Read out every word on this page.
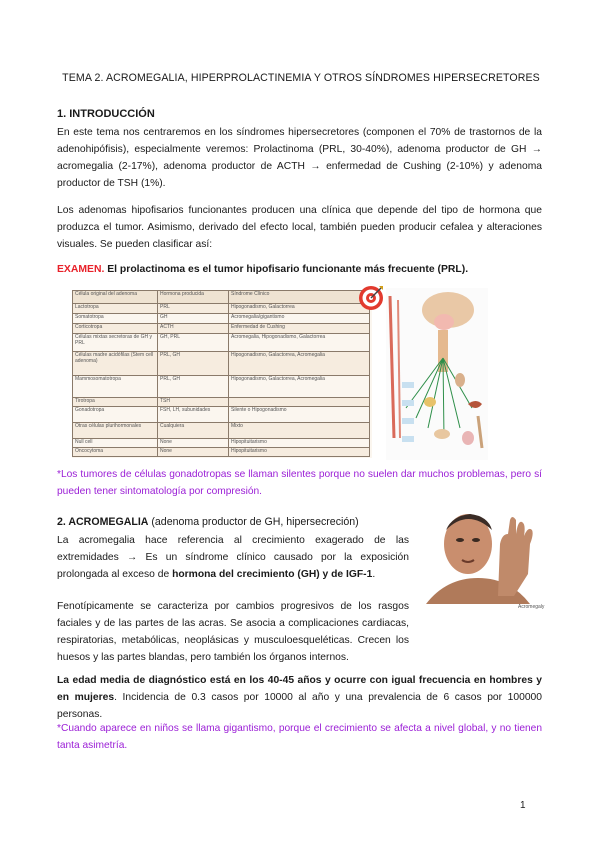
TEMA 2. ACROMEGALIA, HIPERPROLACTINEMIA Y OTROS SÍNDROMES HIPERSECRETORES
1. INTRODUCCIÓN
En este tema nos centraremos en los síndromes hipersecretores (componen el 70% de trastornos de la adenohipófisis), especialmente veremos: Prolactinoma (PRL, 30-40%), adenoma productor de GH → acromegalia (2-17%), adenoma productor de ACTH → enfermedad de Cushing (2-10%) y adenoma productor de TSH (1%).
Los adenomas hipofisarios funcionantes producen una clínica que depende del tipo de hormona que produzca el tumor. Asimismo, derivado del efecto local, también pueden producir cefalea y alteraciones visuales. Se pueden clasificar así:
EXAMEN. El prolactinoma es el tumor hipofisario funcionante más frecuente (PRL).
Célula original del adenoma	Hormona producida	Síndrome Clínico
Lactotropa	PRL	Hipogonadismo, Galactorrea
Somatotropa	GH	Acromegalia/gigantismo
Corticotropa	ACTH	Enfermedad de Cushing
Células mixtas secretoras de GH y PRL	GH, PRL	Acromegalia, Hipogonadismo, Galactorrea
Células madre acidófilas (Stem cell adenoma)	PRL, GH	Hipogonadismo, Galactorrea, Acromegalia
Mammosomatotropa	PRL, GH	Hipogonadismo, Galactorrea, Acromegalia
Tirotropa	TSH	
Gonadotropa	FSH, LH, subunidades	Silente o Hipogonadismo
Otras células plurihormonales	Cualquiera	Mixto
Null cell	None	Hipopituitarismo
Oncocytoma	None	Hipopituitarismo
*Los tumores de células gonadotropas se llaman silentes porque no suelen dar muchos problemas, pero sí pueden tener sintomatología por compresión.
2. ACROMEGALIA (adenoma productor de GH, hipersecreción)
La acromegalia hace referencia al crecimiento exagerado de las extremidades → Es un síndrome clínico causado por la exposición prolongada al exceso de hormona del crecimiento (GH) y de IGF-1.
Fenotípicamente se caracteriza por cambios progresivos de los rasgos faciales y de las partes de las acras. Se asocia a complicaciones cardiacas, respiratorias, metabólicas, neoplásicas y musculoesqueléticas. Crecen los huesos y las partes blandas, pero también los órganos internos.
Acromegaly
La edad media de diagnóstico está en los 40-45 años y ocurre con igual frecuencia en hombres y en mujeres. Incidencia de 0.3 casos por 10000 al año y una prevalencia de 6 casos por 100000 personas.
*Cuando aparece en niños se llama gigantismo, porque el crecimiento se afecta a nivel global, y no tienen tanta asimetría.
1
